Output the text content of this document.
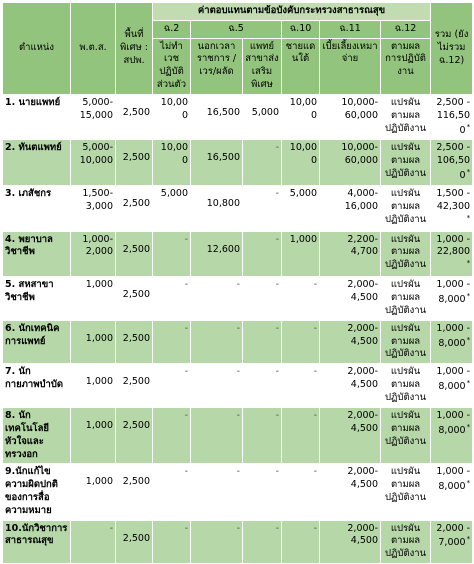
ตำแหน่ง	พ.ต.ส.	พื้นที่พิเศษ : สปพ.	ค่าตอบแทนตามข้อบังคับกระทรวงสาธารณสุข						รวม (ยังไม่รวม ฉ.12)
			ฉ.2	ฉ.5		ฉ.10	ฉ.11	ฉ.12	
			ไม่ทำเวชปฏิบัติส่วนตัว	นอกเวลาราชการ / เวร/ผลัด	แพทย์สาขาส่งเสริมพิเศษ	ชายแดนใต้	เบี้ยเลี้ยงเหมาจ่าย	ตามผลการปฏิบัติงาน	
1. นายแพทย์	5,000-15,000	2,500	10,000	16,500	5,000	10,000	10,000-60,000	แปรผันตามผลปฏิบัติงาน	2,500 - 116,500*
2. ทันตแพทย์	5,000-10,000	2,500	10,000	16,500	-	10,000	10,000-60,000	แปรผันตามผลปฏิบัติงาน	2,500 - 106,500*
3. เภสัชกร	1,500-3,000	2,500	5,000	10,800	-	5,000	4,000-16,000	แปรผันตามผลปฏิบัติงาน	1,500 - 42,300*
4. พยาบาลวิชาชีพ	1,000-2,000	2,500	-	12,600	-	1,000	2,200-4,700	แปรผันตามผลปฏิบัติงาน	1,000 - 22,800*
5. สหสาขาวิชาชีพ	1,000	2,500	-	-	-	-	2,000-4,500	แปรผันตามผลปฏิบัติงาน	1,000 - 8,000*
6. นักเทคนิคการแพทย์	1,000	2,500	-	-	-	-	2,000-4,500	แปรผันตามผลปฏิบัติงาน	1,000 - 8,000*
7. นักกายภาพบำบัด	1,000	2,500	-	-	-	-	2,000-4,500	แปรผันตามผลปฏิบัติงาน	1,000 - 8,000*
8. นักเทคโนโลยีหัวใจและทรวงอก	1,000	2,500	-	-	-	-	2,000-4,500	แปรผันตามผลปฏิบัติงาน	1,000 - 8,000*
9.นักแก้ไขความผิดปกติของการสื่อความหมาย	1,000	2,500	-	-	-	-	2,000-4,500	แปรผันตามผลปฏิบัติงาน	1,000 - 8,000*
10.นักวิชาการสาธารณสุข	-	2,500	-	-	-	-	2,000-4,500	แปรผันตามผลปฏิบัติงาน	2,000 - 7,000*
